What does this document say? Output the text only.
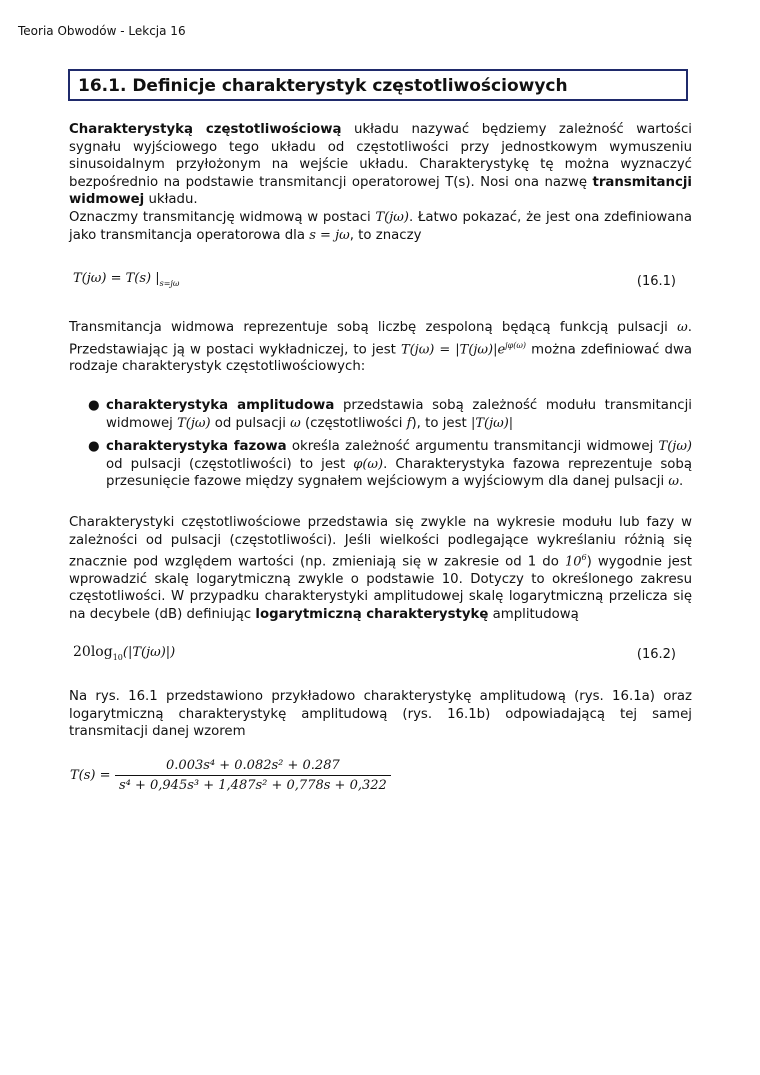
Teoria Obwodów - Lekcja 16
16.1. Definicje charakterystyk częstotliwościowych
Charakterystyką częstotliwościową układu nazywać będziemy zależność wartości sygnału wyjściowego tego układu od częstotliwości przy jednostkowym wymuszeniu sinusoidalnym przyłożonym na wejście układu. Charakterystykę tę można wyznaczyć bezpośrednio na podstawie transmitancji operatorowej T(s). Nosi ona nazwę transmitancji widmowej układu.
Oznaczmy transmitancję widmową w postaci T(jω). Łatwo pokazać, że jest ona zdefiniowana jako transmitancja operatorowa dla s = jω, to znaczy
T(jω) = T(s) $|_{s=j\omega}$	(16.1)
Transmitancja widmowa reprezentuje sobą liczbę zespoloną będącą funkcją pulsacji ω. Przedstawiając ją w postaci wykładniczej, to jest $T(j\omega) = |T(j\omega)|e^{j\varphi(\omega)}$ można zdefiniować dwa rodzaje charakterystyk częstotliwościowych:
● charakterystyka amplitudowa przedstawia sobą zależność modułu transmitancji widmowej T(jω) od pulsacji ω (częstotliwości f), to jest |T(jω)|
● charakterystyka fazowa określa zależność argumentu transmitancji widmowej T(jω) od pulsacji (częstotliwości) to jest φ(ω). Charakterystyka fazowa reprezentuje sobą przesunięcie fazowe między sygnałem wejściowym a wyjściowym dla danej pulsacji ω.
Charakterystyki częstotliwościowe przedstawia się zwykle na wykresie modułu lub fazy w zależności od pulsacji (częstotliwości). Jeśli wielkości podlegające wykreślaniu różnią się znacznie pod względem wartości (np. zmieniają się w zakresie od 1 do $10^6$) wygodnie jest wprowadzić skalę logarytmiczną zwykle o podstawie 10. Dotyczy to określonego zakresu częstotliwości. W przypadku charakterystyki amplitudowej skalę logarytmiczną przelicza się na decybele (dB) definiując logarytmiczną charakterystykę amplitudową
$20\log_{10}(|T(j\omega)|)$	(16.2)
Na rys. 16.1 przedstawiono przykładowo charakterystykę amplitudową (rys. 16.1a) oraz logarytmiczną charakterystykę amplitudową (rys. 16.1b) odpowiadającą tej samej transmitacji danej wzorem
$T(s) = \frac{\text{0.003s⁴ + 0.082s² + 0.287}}{\text{s⁴ + 0,945s³ + 1,487s² + 0,778s + 0,322}}$
